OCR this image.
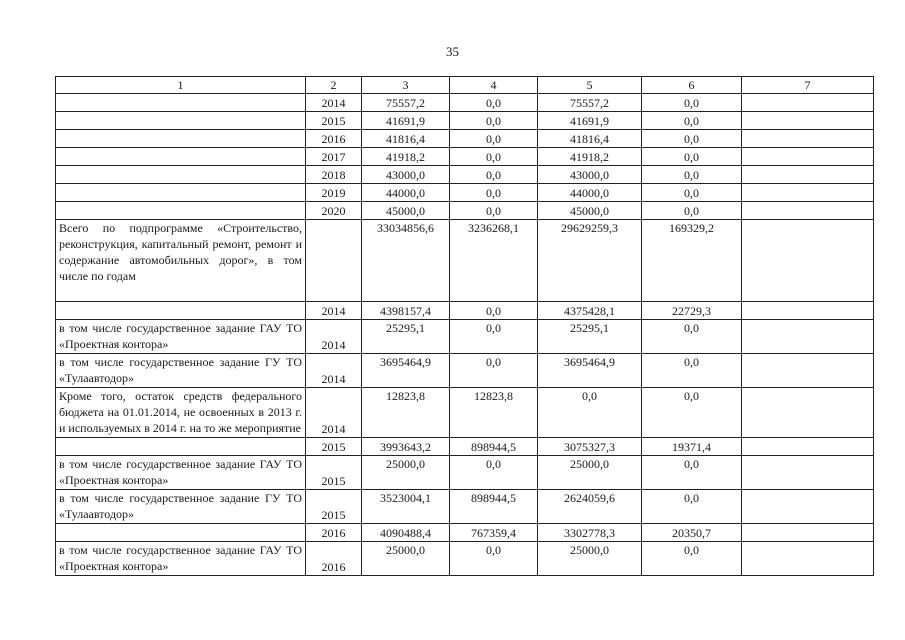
35
1	2	3	4	5	6	7
	2014	75557,2	0,0	75557,2	0,0	
	2015	41691,9	0,0	41691,9	0,0	
	2016	41816,4	0,0	41816,4	0,0	
	2017	41918,2	0,0	41918,2	0,0	
	2018	43000,0	0,0	43000,0	0,0	
	2019	44000,0	0,0	44000,0	0,0	
	2020	45000,0	0,0	45000,0	0,0	
Всего по подпрограмме «Строительство, реконструкция, капитальный ремонт, ремонт и содержание автомобильных дорог», в том числе по годам		33034856,6	3236268,1	29629259,3	169329,2	
	2014	4398157,4	0,0	4375428,1	22729,3	
в том числе государственное задание ГАУ ТО «Проектная контора»	2014	25295,1	0,0	25295,1	0,0	
в том числе государственное задание ГУ ТО «Тулаавтодор»	2014	3695464,9	0,0	3695464,9	0,0	
Кроме того, остаток средств федерального бюджета на 01.01.2014, не освоенных в 2013 г. и используемых в 2014 г. на то же мероприятие	2014	12823,8	12823,8	0,0	0,0	
	2015	3993643,2	898944,5	3075327,3	19371,4	
в том числе государственное задание ГАУ ТО «Проектная контора»	2015	25000,0	0,0	25000,0	0,0	
в том числе государственное задание ГУ ТО «Тулаавтодор»	2015	3523004,1	898944,5	2624059,6	0,0	
	2016	4090488,4	767359,4	3302778,3	20350,7	
в том числе государственное задание ГАУ ТО «Проектная контора»	2016	25000,0	0,0	25000,0	0,0	
